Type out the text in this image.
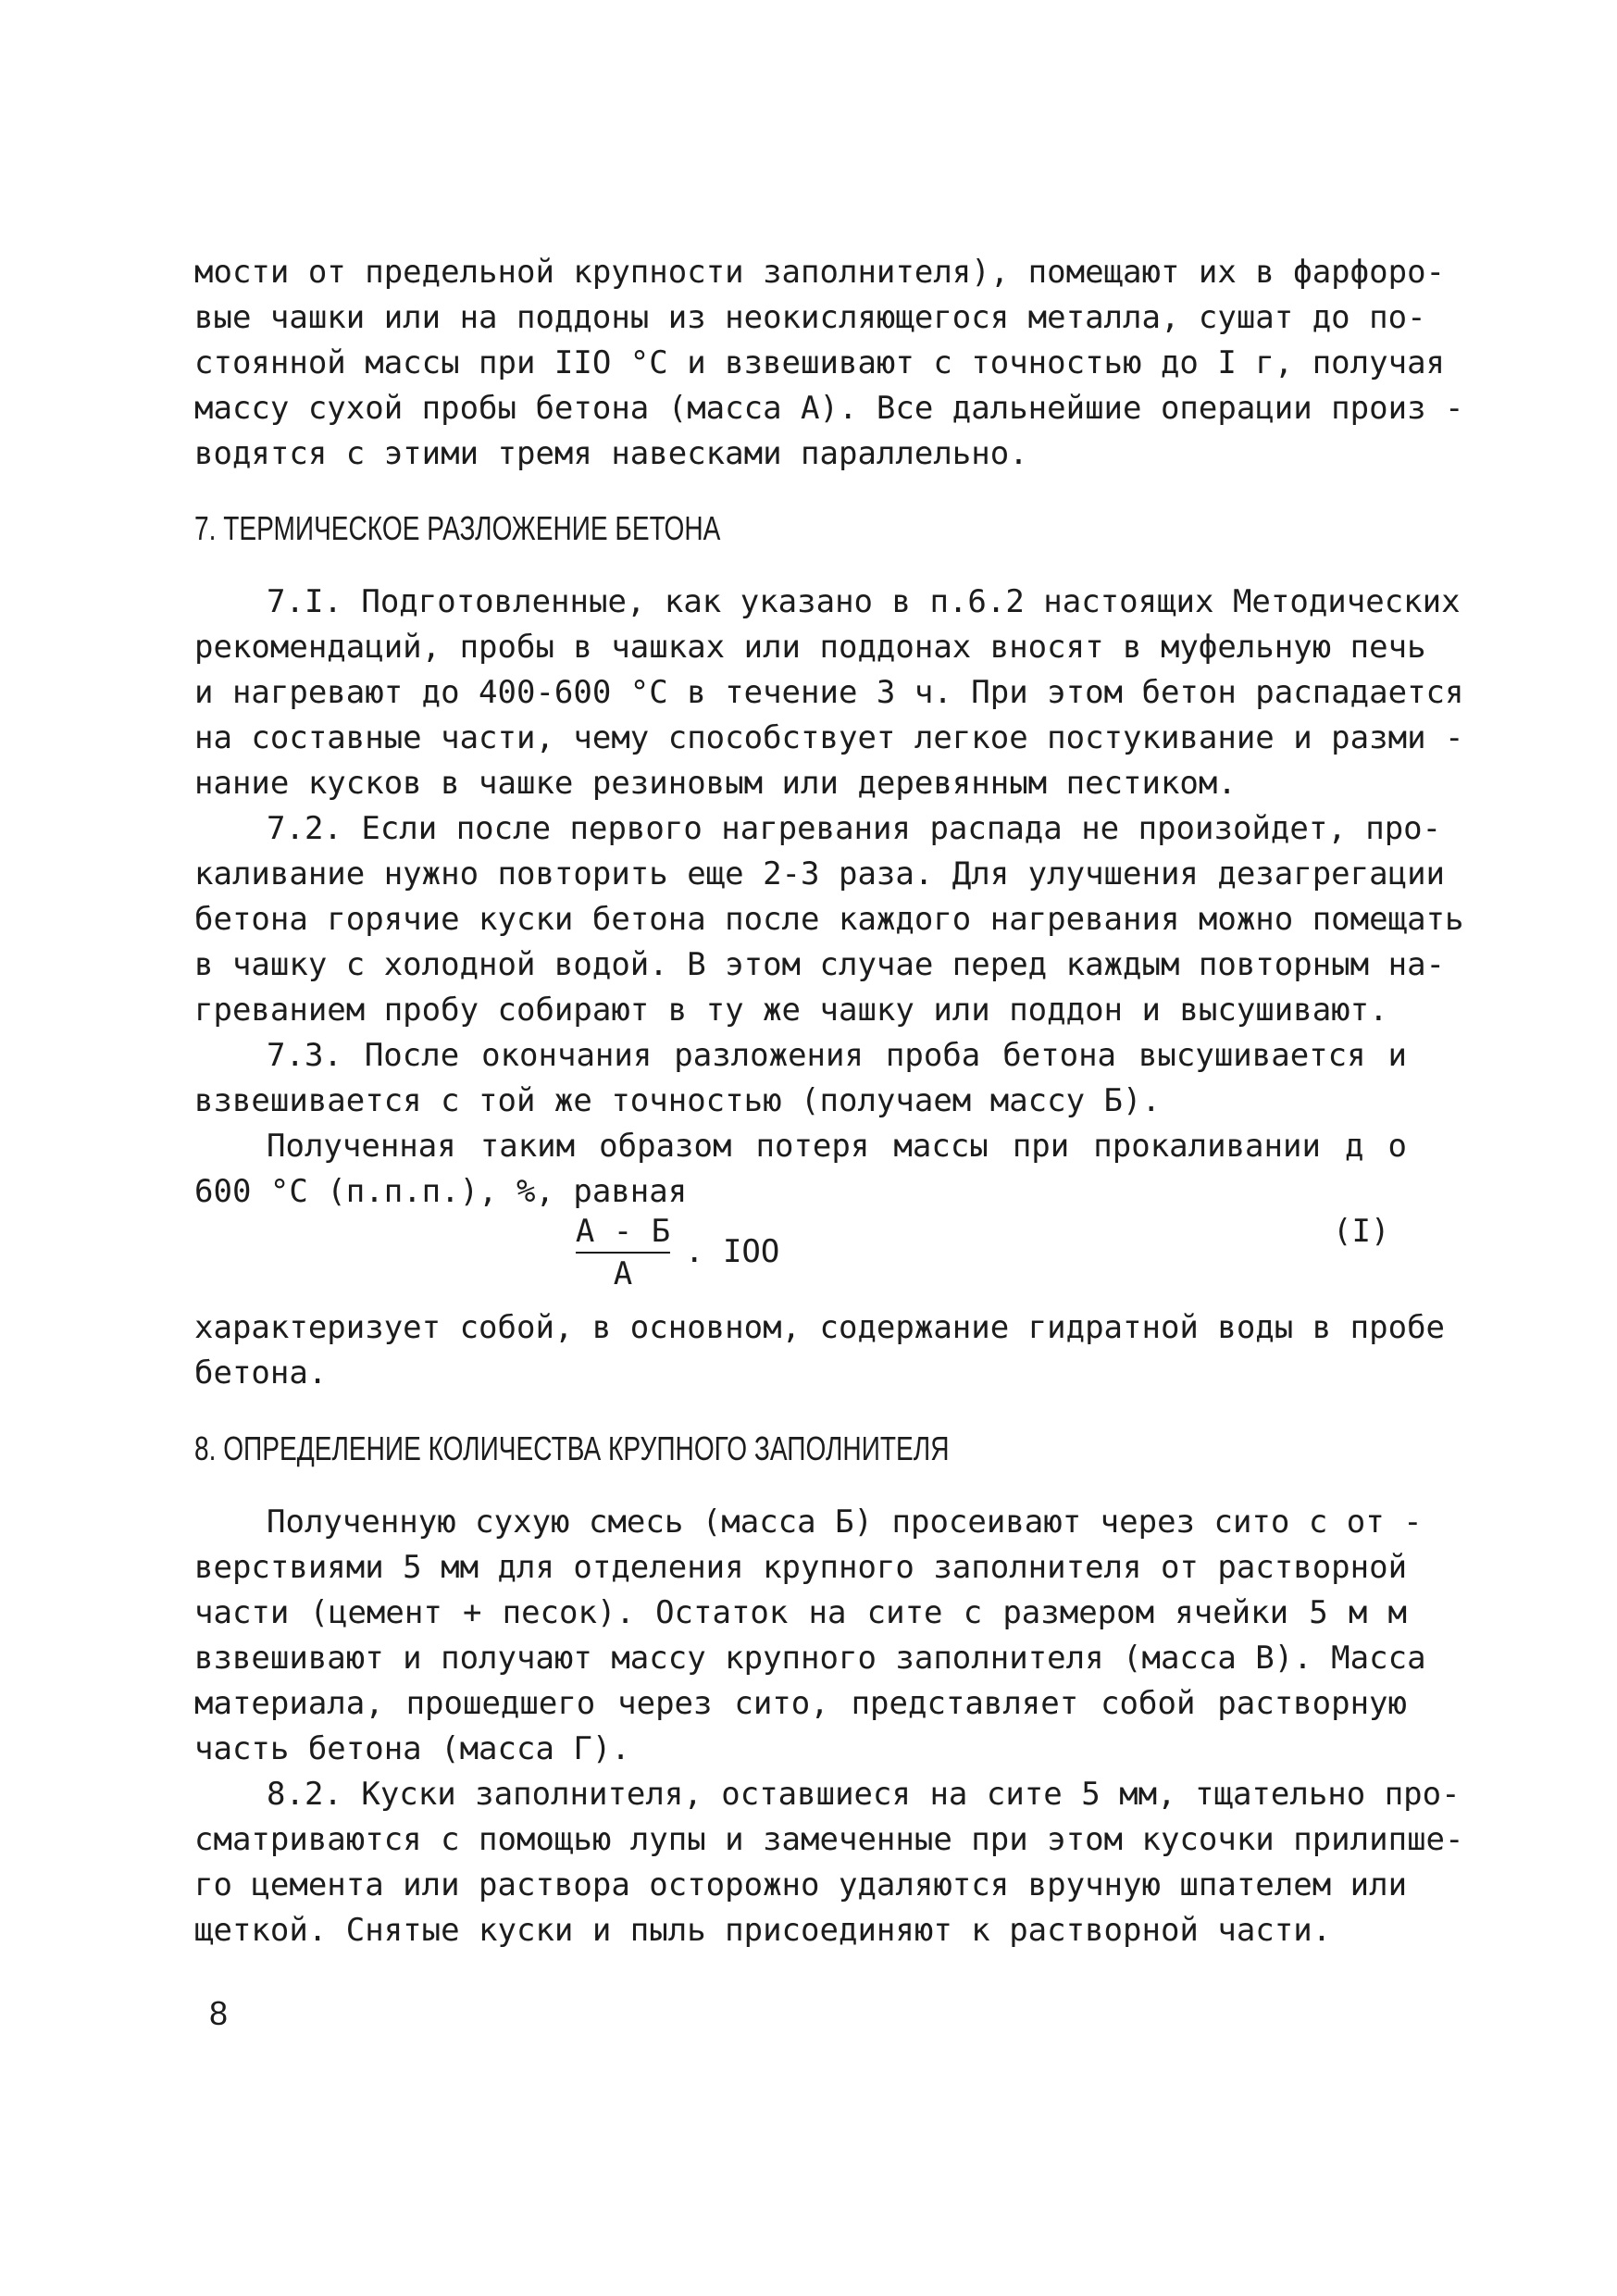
мости от предельной крупности заполнителя), помещают их в фарфоро-
вые чашки или на поддоны из неокисляющегося металла, сушат до по-
стоянной массы при IIO °C и взвешивают с точностью до I г, получая
массу сухой пробы бетона (масса А). Все дальнейшие операции произ -
водятся с этими тремя навесками параллельно.
7. ТЕРМИЧЕСКОЕ РАЗЛОЖЕНИЕ БЕТОНА
7.I. Подготовленные, как указано в п.6.2 настоящих Методических
рекомендаций, пробы в чашках или поддонах вносят в муфельную печь
и нагревают до 400-600 °C в течение 3 ч. При этом бетон распадается
на составные части, чему способствует легкое постукивание и разми -
нание кусков в чашке резиновым или деревянным пестиком.
7.2. Если после первого нагревания распада не произойдет, про-
каливание нужно повторить еще 2-3 раза. Для улучшения дезагрегации
бетона горячие куски бетона после каждого нагревания можно помещать
в чашку с холодной водой. В этом случае перед каждым повторным на-
греванием пробу собирают в ту же чашку или поддон и высушивают.
7.3. После окончания разложения проба бетона высушивается и
взвешивается с той же точностью (получаем массу Б).
Полученная таким образом потеря массы при прокаливании д о
600 °C (п.п.п.), %, равная
А - Б
А
. IOO
(I)
характеризует собой, в основном, содержание гидратной воды в пробе
бетона.
8. ОПРЕДЕЛЕНИЕ КОЛИЧЕСТВА КРУПНОГО ЗАПОЛНИТЕЛЯ
Полученную сухую смесь (масса Б) просеивают через сито с от -
верствиями 5 мм для отделения крупного заполнителя от растворной
части (цемент + песок). Остаток на сите с размером ячейки 5 м м
взвешивают и получают массу крупного заполнителя (масса В). Масса
материала, прошедшего через сито, представляет собой растворную
часть бетона (масса Г).
8.2. Куски заполнителя, оставшиеся на сите 5 мм, тщательно про-
сматриваются с помощью лупы и замеченные при этом кусочки прилипше-
го цемента или раствора осторожно удаляются вручную шпателем или
щеткой. Снятые куски и пыль присоединяют к растворной части.
8
